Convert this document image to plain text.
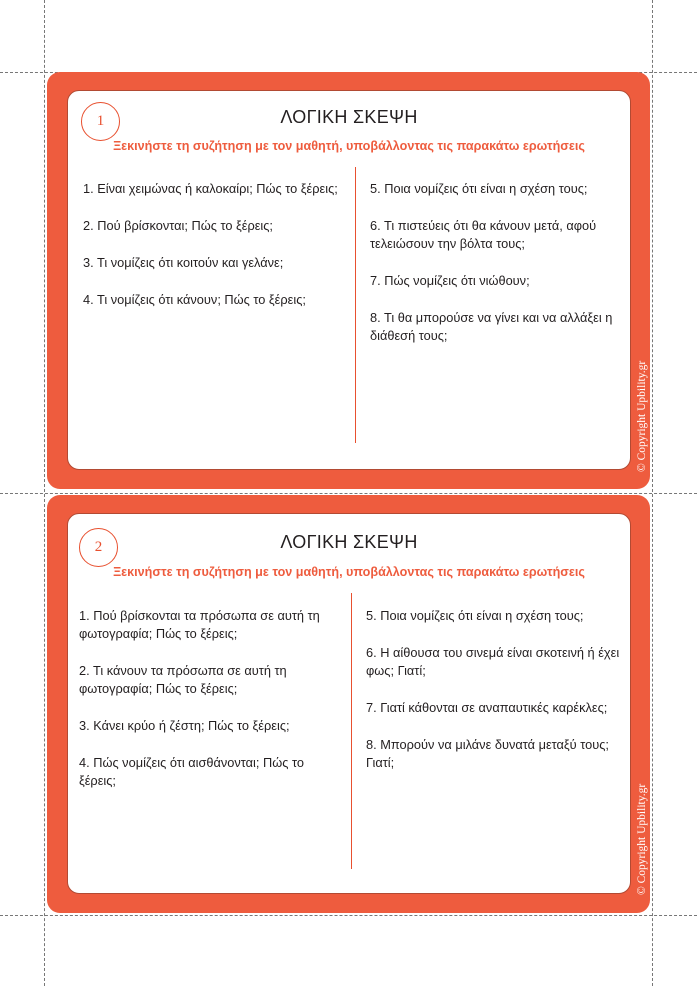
1	ΛΟΓΙΚΗ ΣΚΕΨΗ
Ξεκινήστε τη συζήτηση με τον μαθητή, υποβάλλοντας τις παρακάτω ερωτήσεις
1. Είναι χειμώνας ή καλοκαίρι; Πώς το ξέρεις;
2. Πού βρίσκονται; Πώς το ξέρεις;
3. Τι νομίζεις ότι κοιτούν και γελάνε;
4. Τι νομίζεις ότι κάνουν; Πώς το ξέρεις;
5. Ποια νομίζεις ότι είναι η σχέση τους;
6. Τι πιστεύεις ότι θα κάνουν μετά, αφού τελειώσουν την βόλτα τους;
7. Πώς νομίζεις ότι νιώθουν;
8. Τι θα μπορούσε να γίνει και να αλλάξει η διάθεσή τους;
© Copyright Upbility.gr
2	ΛΟΓΙΚΗ ΣΚΕΨΗ
Ξεκινήστε τη συζήτηση με τον μαθητή, υποβάλλοντας τις παρακάτω ερωτήσεις
1. Πού βρίσκονται τα πρόσωπα σε αυτή τη φωτογραφία; Πώς το ξέρεις;
2. Τι κάνουν τα πρόσωπα σε αυτή τη φωτογραφία; Πώς το ξέρεις;
3. Κάνει κρύο ή ζέστη; Πώς το ξέρεις;
4. Πώς νομίζεις ότι αισθάνονται; Πώς το ξέρεις;
5. Ποια νομίζεις ότι είναι η σχέση τους;
6. Η αίθουσα του σινεμά είναι σκοτεινή ή έχει φως; Γιατί;
7. Γιατί κάθονται σε αναπαυτικές καρέκλες;
8. Μπορούν να μιλάνε δυνατά μεταξύ τους; Γιατί;
© Copyright Upbility.gr
